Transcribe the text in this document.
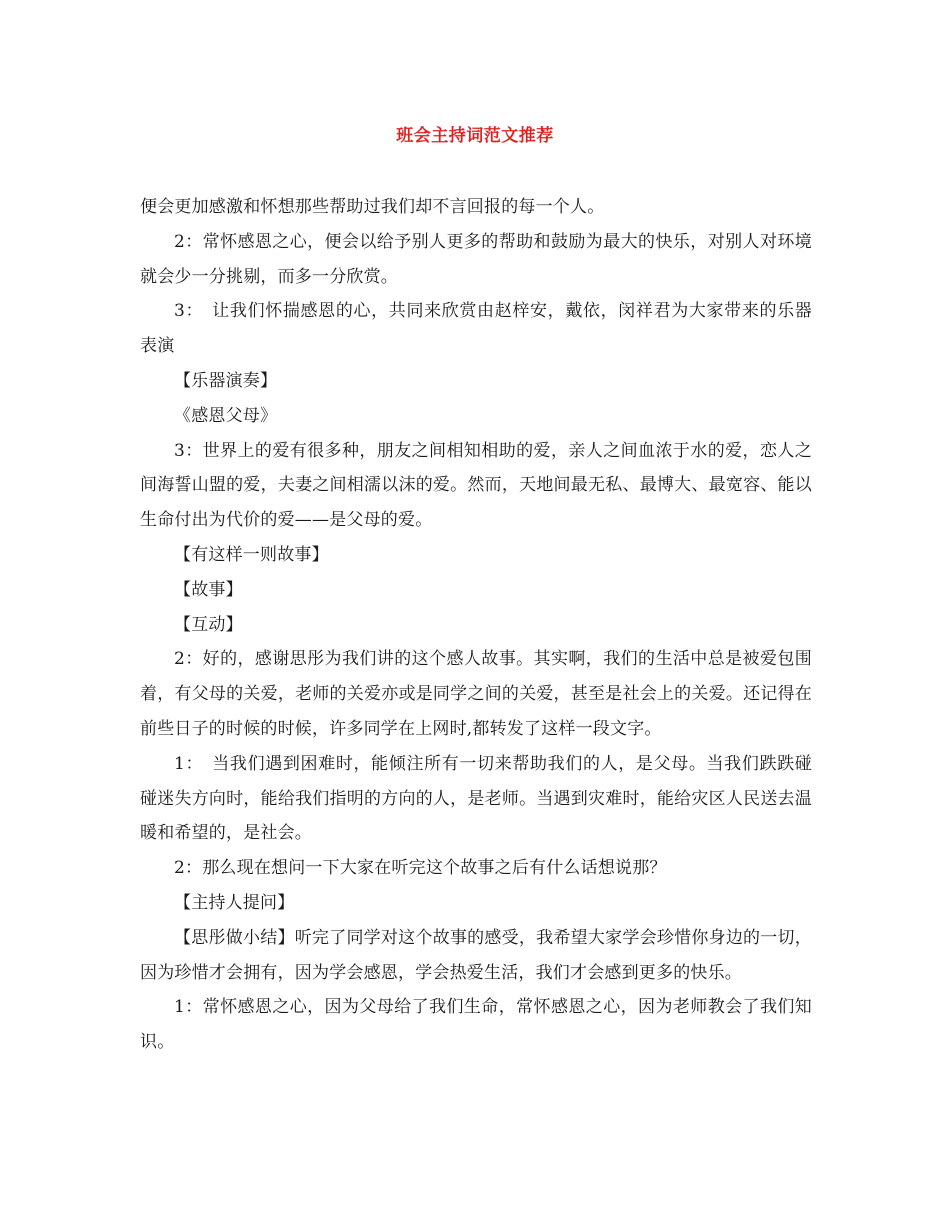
班会主持词范文推荐

便会更加感激和怀想那些帮助过我们却不言回报的每一个人。

2：常怀感恩之心，便会以给予别人更多的帮助和鼓励为最大的快乐，对别人对环境就会少一分挑剔，而多一分欣赏。

3：　让我们怀揣感恩的心，共同来欣赏由赵梓安，戴依，闵祥君为大家带来的乐器表演

【乐器演奏】

《感恩父母》

3：世界上的爱有很多种，朋友之间相知相助的爱，亲人之间血浓于水的爱，恋人之间海誓山盟的爱，夫妻之间相濡以沫的爱。然而，天地间最无私、最博大、最宽容、能以生命付出为代价的爱——是父母的爱。

【有这样一则故事】

【故事】

【互动】

2：好的，感谢思彤为我们讲的这个感人故事。其实啊，我们的生活中总是被爱包围着，有父母的关爱，老师的关爱亦或是同学之间的关爱，甚至是社会上的关爱。还记得在前些日子的时候的时候，许多同学在上网时,都转发了这样一段文字。

1：　当我们遇到困难时，能倾注所有一切来帮助我们的人，是父母。当我们跌跌碰碰迷失方向时，能给我们指明的方向的人，是老师。当遇到灾难时，能给灾区人民送去温暖和希望的，是社会。

2：那么现在想问一下大家在听完这个故事之后有什么话想说那？

【主持人提问】

【思彤做小结】听完了同学对这个故事的感受，我希望大家学会珍惜你身边的一切，因为珍惜才会拥有，因为学会感恩，学会热爱生活，我们才会感到更多的快乐。

1：常怀感恩之心，因为父母给了我们生命，常怀感恩之心，因为老师教会了我们知识。
